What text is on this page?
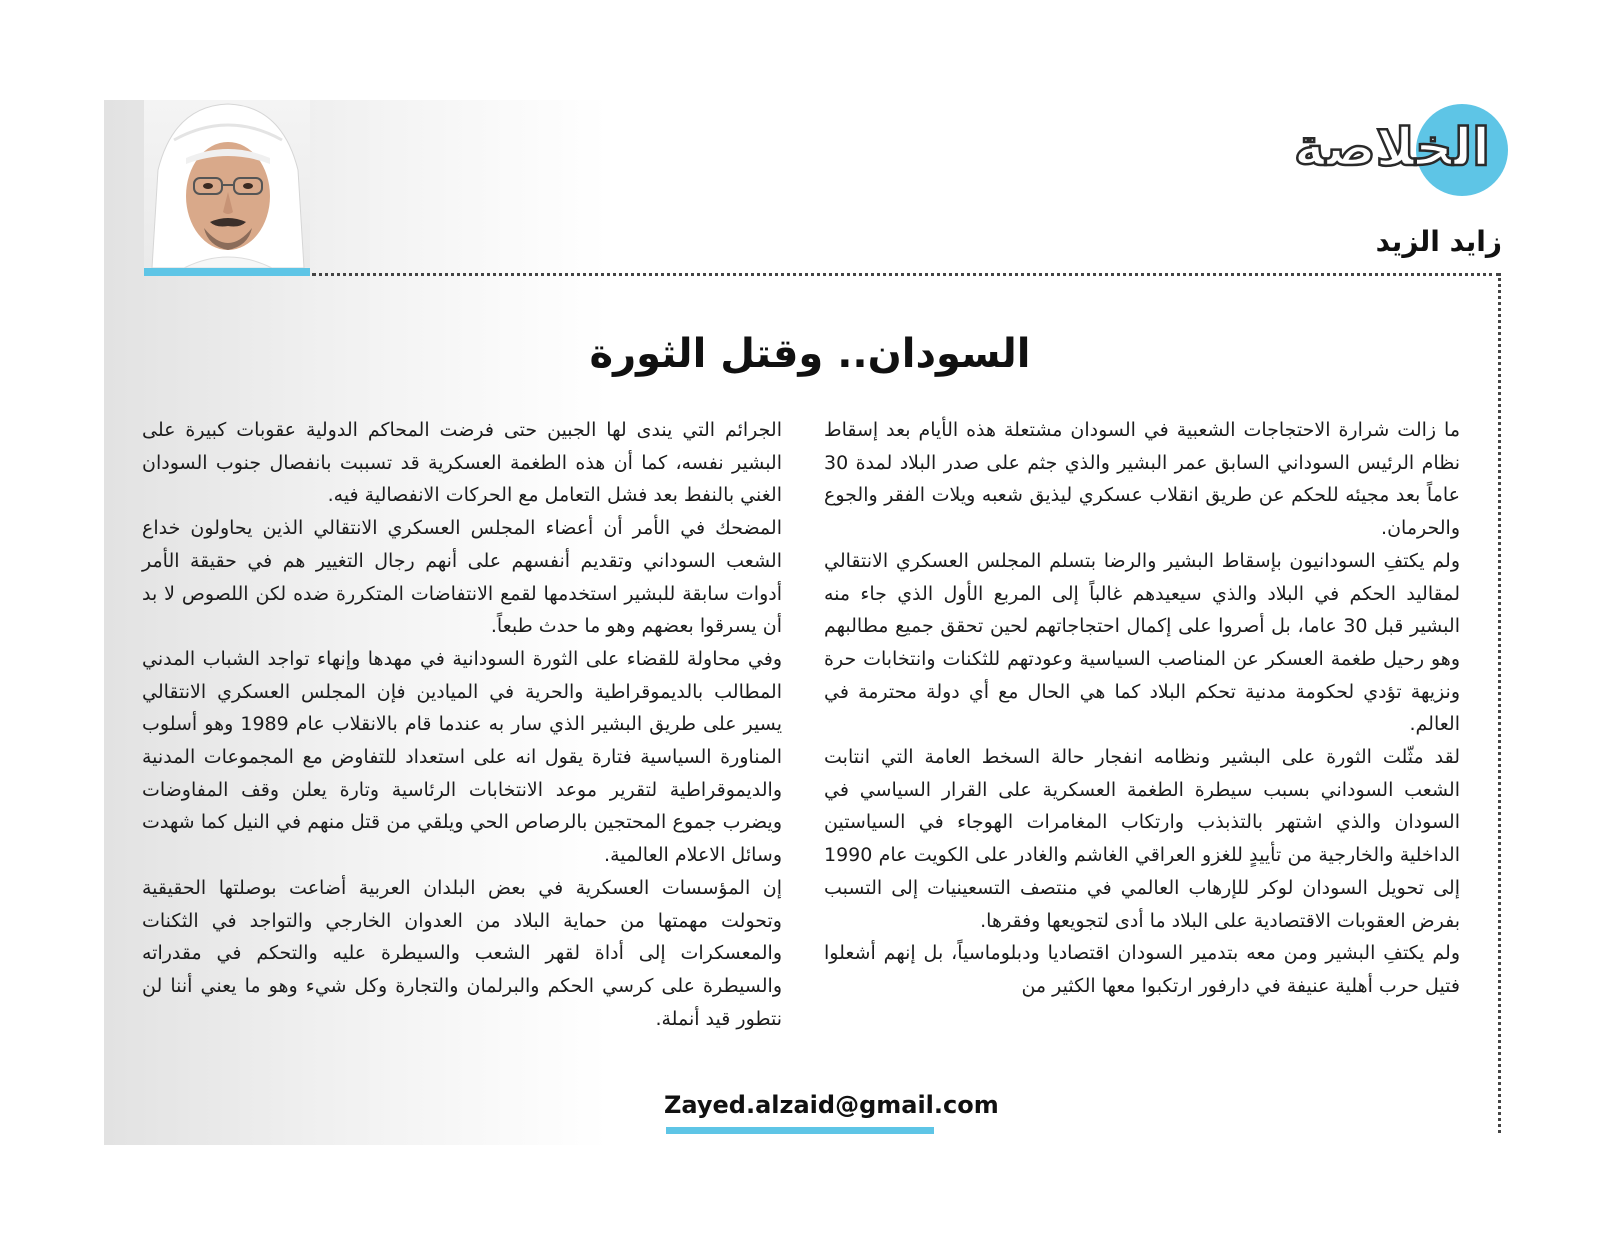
الخلاصة
زايد الزيد
السودان.. وقتل الثورة

ما زالت شرارة الاحتجاجات الشعبية في السودان مشتعلة هذه الأيام بعد إسقاط نظام الرئيس السوداني السابق عمر البشير والذي جثم على صدر البلاد لمدة 30 عاماً بعد مجيئه للحكم عن طريق انقلاب عسكري ليذيق شعبه ويلات الفقر والجوع والحرمان.

ولم يكتفِ السودانيون بإسقاط البشير والرضا بتسلم المجلس العسكري الانتقالي لمقاليد الحكم في البلاد والذي سيعيدهم غالباً إلى المربع الأول الذي جاء منه البشير قبل 30 عاما، بل أصروا على إكمال احتجاجاتهم لحين تحقق جميع مطالبهم وهو رحيل طغمة العسكر عن المناصب السياسية وعودتهم للثكنات وانتخابات حرة ونزيهة تؤدي لحكومة مدنية تحكم البلاد كما هي الحال مع أي دولة محترمة في العالم.

لقد مثّلت الثورة على البشير ونظامه انفجار حالة السخط العامة التي انتابت الشعب السوداني بسبب سيطرة الطغمة العسكرية على القرار السياسي في السودان والذي اشتهر بالتذبذب وارتكاب المغامرات الهوجاء في السياستين الداخلية والخارجية من تأييدٍ للغزو العراقي الغاشم والغادر على الكويت عام 1990 إلى تحويل السودان لوكر للإرهاب العالمي في منتصف التسعينيات إلى التسبب بفرض العقوبات الاقتصادية على البلاد ما أدى لتجويعها وفقرها.

ولم يكتفِ البشير ومن معه بتدمير السودان اقتصاديا ودبلوماسياً، بل إنهم أشعلوا فتيل حرب أهلية عنيفة في دارفور ارتكبوا معها الكثير من

الجرائم التي يندى لها الجبين حتى فرضت المحاكم الدولية عقوبات كبيرة على البشير نفسه، كما أن هذه الطغمة العسكرية قد تسببت بانفصال جنوب السودان الغني بالنفط بعد فشل التعامل مع الحركات الانفصالية فيه.

المضحك في الأمر أن أعضاء المجلس العسكري الانتقالي الذين يحاولون خداع الشعب السوداني وتقديم أنفسهم على أنهم رجال التغيير هم في حقيقة الأمر أدوات سابقة للبشير استخدمها لقمع الانتفاضات المتكررة ضده لكن اللصوص لا بد أن يسرقوا بعضهم وهو ما حدث طبعاً.

وفي محاولة للقضاء على الثورة السودانية في مهدها وإنهاء تواجد الشباب المدني المطالب بالديموقراطية والحرية في الميادين فإن المجلس العسكري الانتقالي يسير على طريق البشير الذي سار به عندما قام بالانقلاب عام 1989 وهو أسلوب المناورة السياسية فتارة يقول انه على استعداد للتفاوض مع المجموعات المدنية والديموقراطية لتقرير موعد الانتخابات الرئاسية وتارة يعلن وقف المفاوضات ويضرب جموع المحتجين بالرصاص الحي ويلقي من قتل منهم في النيل كما شهدت وسائل الاعلام العالمية.

إن المؤسسات العسكرية في بعض البلدان العربية أضاعت بوصلتها الحقيقية وتحولت مهمتها من حماية البلاد من العدوان الخارجي والتواجد في الثكنات والمعسكرات إلى أداة لقهر الشعب والسيطرة عليه والتحكم في مقدراته والسيطرة على كرسي الحكم والبرلمان والتجارة وكل شيء وهو ما يعني أننا لن نتطور قيد أنملة.

Zayed.alzaid@gmail.com
